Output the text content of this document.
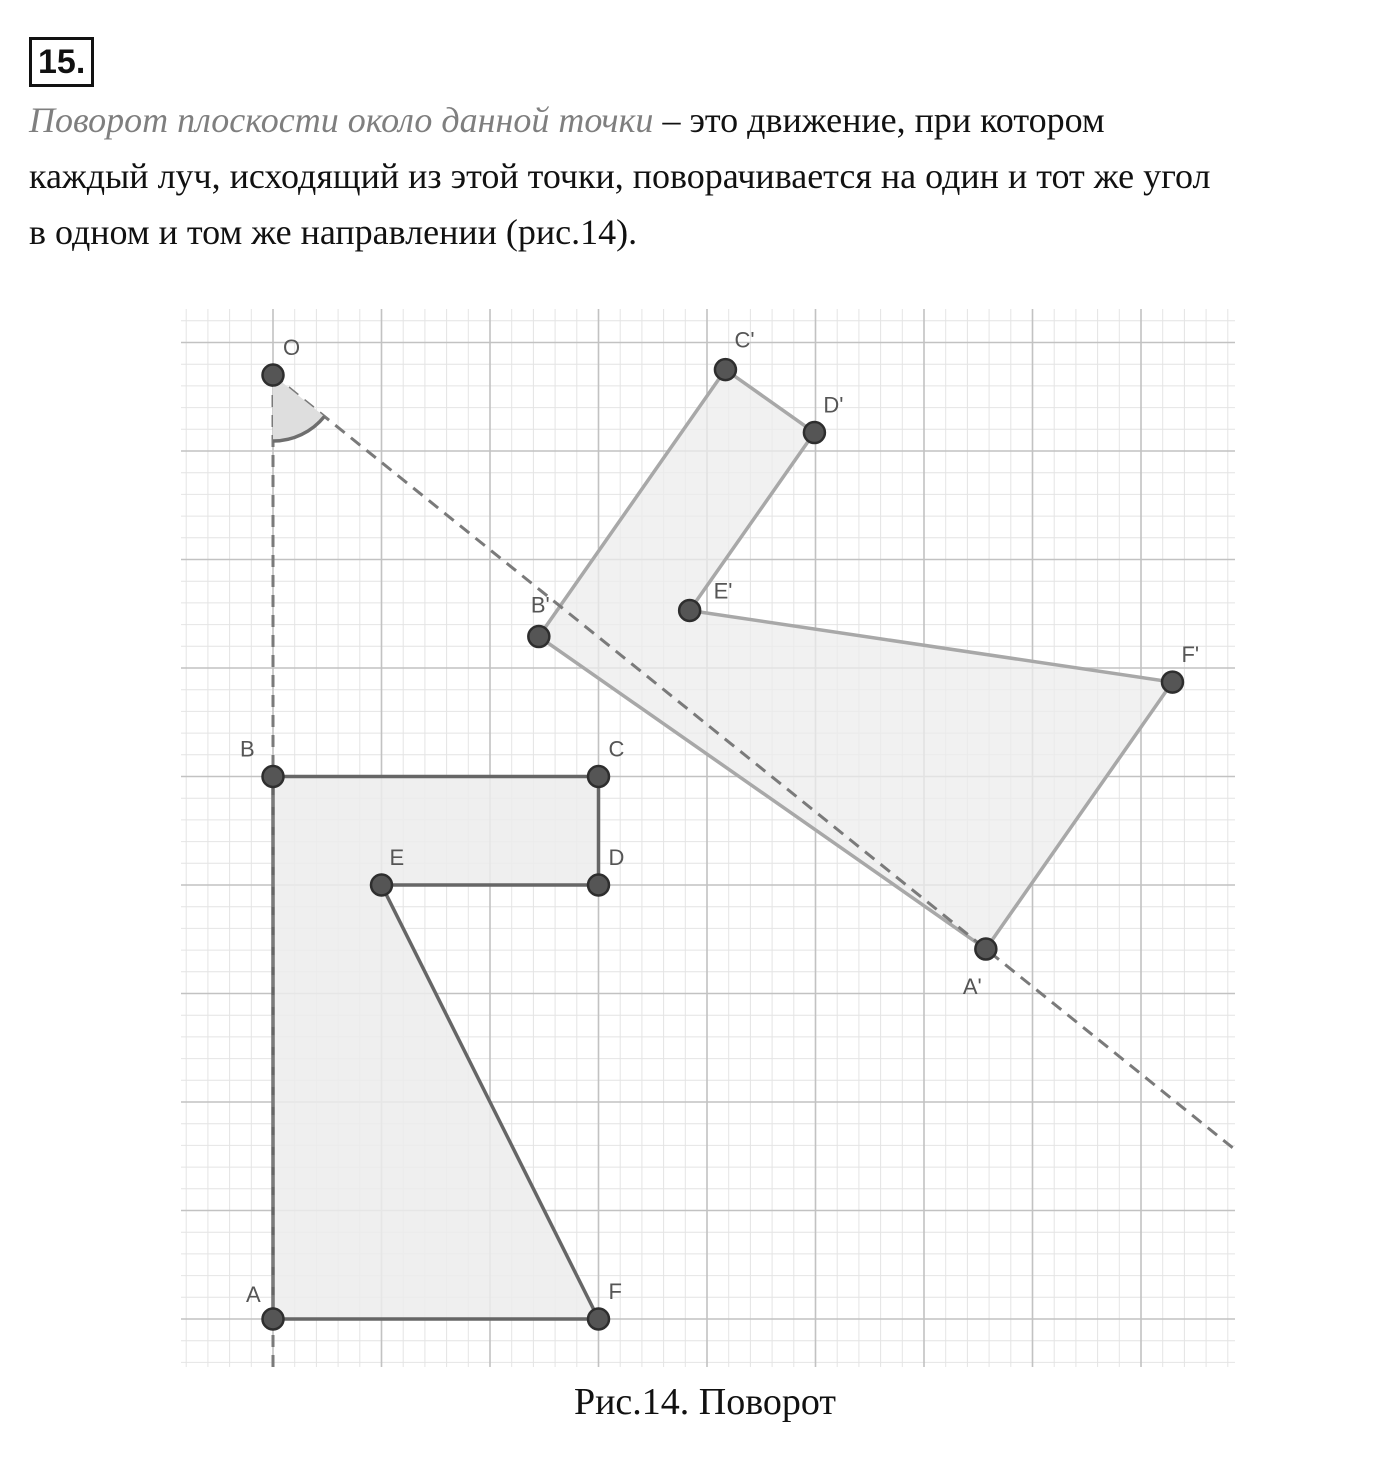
15.

Поворот плоскости около данной точки – это движение, при котором
каждый луч, исходящий из этой точки, поворачивается на один и тот же угол
в одном и том же направлении (рис.14).

O
A
B	C
D
E
F
A'
B'
C'
D'
E'
F'
Рис.14. Поворот
